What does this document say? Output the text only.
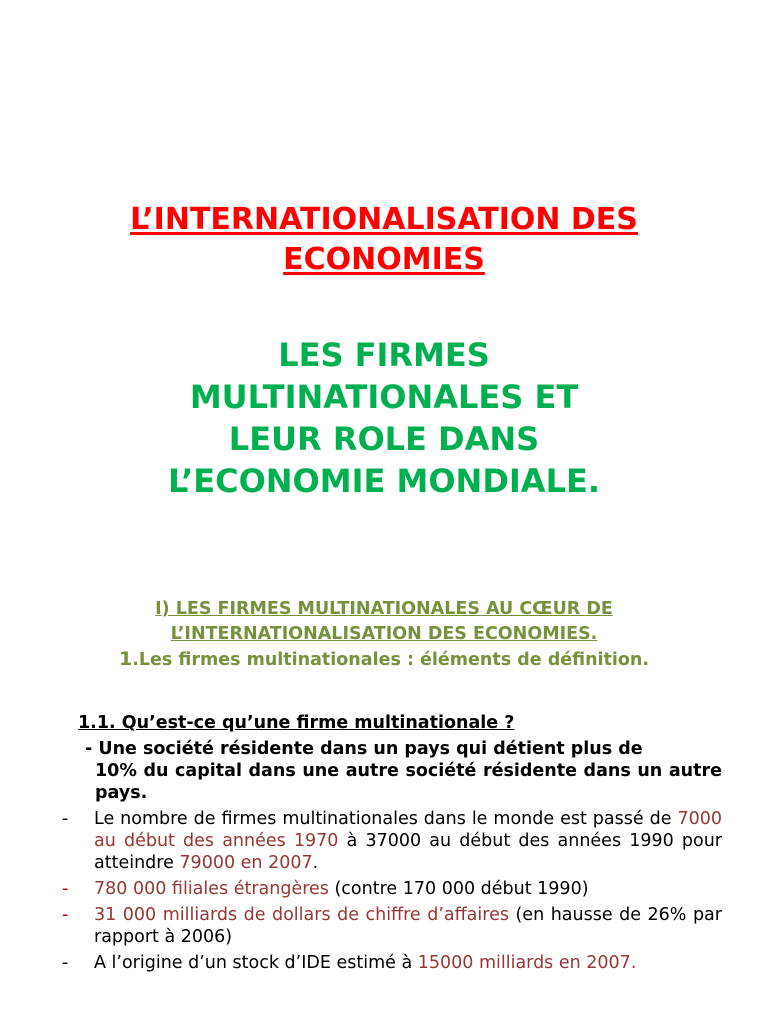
L’INTERNATIONALISATION DES
ECONOMIES
LES FIRMES
MULTINATIONALES ET
LEUR ROLE DANS
L’ECONOMIE MONDIALE.
I) LES FIRMES MULTINATIONALES AU CŒUR DE
L’INTERNATIONALISATION DES ECONOMIES.
1.Les firmes multinationales : éléments de définition.
1.1. Qu’est-ce qu’une firme multinationale ?

- Une société résidente dans un pays qui détient plus de
10% du capital dans une autre société résidente dans un autre pays.

-	Le nombre de firmes multinationales dans le monde est passé de 7000 au début des années 1970 à 37000 au début des années 1990 pour atteindre 79000 en 2007.
-	780 000 filiales étrangères (contre 170 000 début 1990)
-	31 000 milliards de dollars de chiffre d’affaires (en hausse de 26% par rapport à 2006)
-	A l’origine d’un stock d’IDE estimé à 15000 milliards en 2007.
